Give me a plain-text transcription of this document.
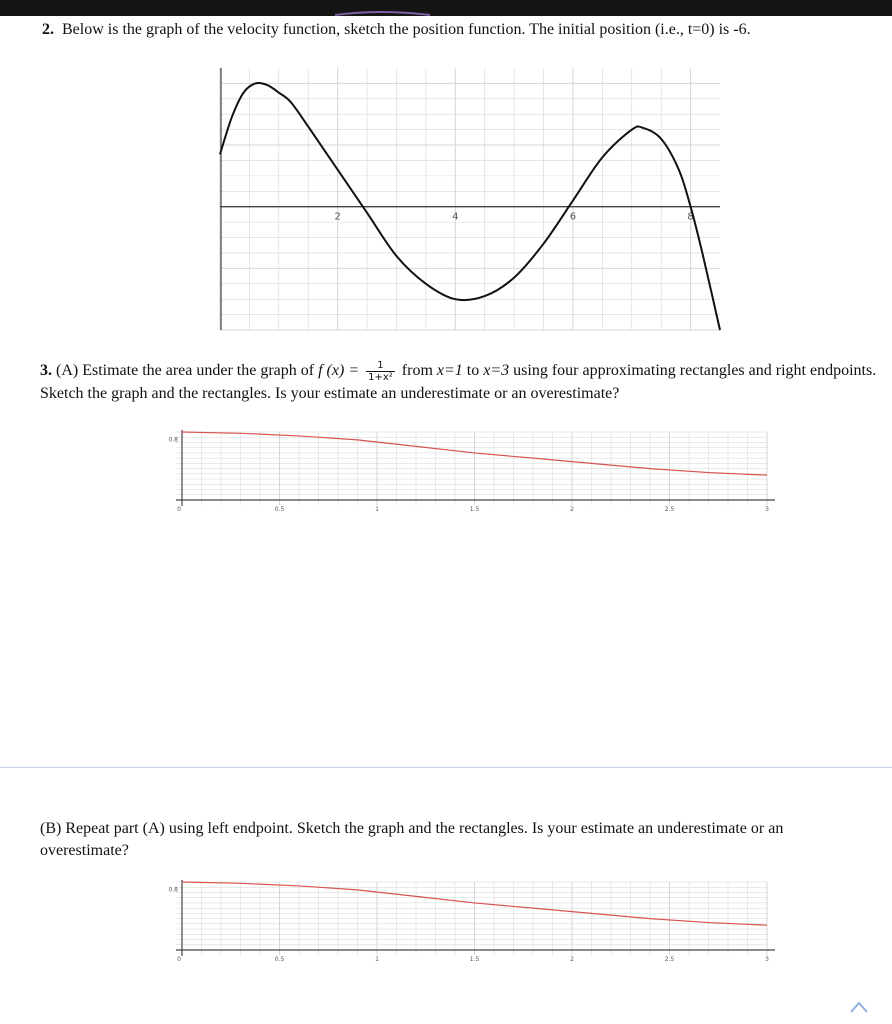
2. Below is the graph of the velocity function, sketch the position function. The initial position (i.e., t=0) is -6.
2	4	6	8
3. (A) Estimate the area under the graph of f $(x) = \frac{1}{\text{1+x²}}$ from x=1 to x=3 using four approximating rectangles and right endpoints. Sketch the graph and the rectangles. Is your estimate an underestimate or an overestimate?
0.8
0	0.5	1	1.5	2	2.5	3
(B) Repeat part (A) using left endpoint. Sketch the graph and the rectangles. Is your estimate an underestimate or an overestimate?
0.8
0	0.5	1	1.5	2	2.5	3
